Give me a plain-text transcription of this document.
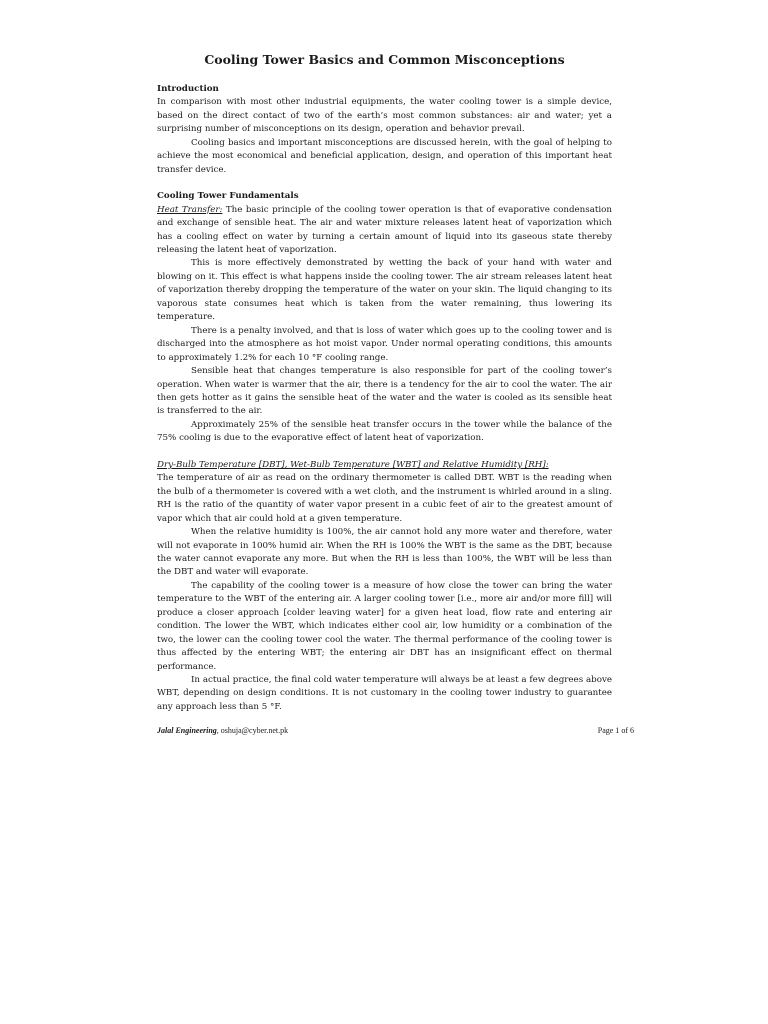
Cooling Tower Basics and Common Misconceptions

Introduction

In comparison with most other industrial equipments, the water cooling tower is a simple device, based on the direct contact of two of the earth’s most common substances: air and water; yet a surprising number of misconceptions on its design, operation and behavior prevail.

Cooling basics and important misconceptions are discussed herein, with the goal of helping to achieve the most economical and beneficial application, design, and operation of this important heat transfer device.

Cooling Tower Fundamentals

Heat Transfer: The basic principle of the cooling tower operation is that of evaporative condensation and exchange of sensible heat. The air and water mixture releases latent heat of vaporization which has a cooling effect on water by turning a certain amount of liquid into its gaseous state thereby releasing the latent heat of vaporization.

This is more effectively demonstrated by wetting the back of your hand with water and blowing on it. This effect is what happens inside the cooling tower. The air stream releases latent heat of vaporization thereby dropping the temperature of the water on your skin. The liquid changing to its vaporous state consumes heat which is taken from the water remaining, thus lowering its temperature.

There is a penalty involved, and that is loss of water which goes up to the cooling tower and is discharged into the atmosphere as hot moist vapor. Under normal operating conditions, this amounts to approximately 1.2% for each 10 °F cooling range.

Sensible heat that changes temperature is also responsible for part of the cooling tower’s operation. When water is warmer that the air, there is a tendency for the air to cool the water. The air then gets hotter as it gains the sensible heat of the water and the water is cooled as its sensible heat is transferred to the air.

Approximately 25% of the sensible heat transfer occurs in the tower while the balance of the 75% cooling is due to the evaporative effect of latent heat of vaporization.

Dry-Bulb Temperature [DBT], Wet-Bulb Temperature [WBT] and Relative Humidity [RH]:

The temperature of air as read on the ordinary thermometer is called DBT. WBT is the reading when the bulb of a thermometer is covered with a wet cloth, and the instrument is whirled around in a sling. RH is the ratio of the quantity of water vapor present in a cubic feet of air to the greatest amount of vapor which that air could hold at a given temperature.

When the relative humidity is 100%, the air cannot hold any more water and therefore, water will not evaporate in 100% humid air. When the RH is 100% the WBT is the same as the DBT, because the water cannot evaporate any more. But when the RH is less than 100%, the WBT will be less than the DBT and water will evaporate.

The capability of the cooling tower is a measure of how close the tower can bring the water temperature to the WBT of the entering air. A larger cooling tower [i.e., more air and/or more fill] will produce a closer approach [colder leaving water] for a given heat load, flow rate and entering air condition. The lower the WBT, which indicates either cool air, low humidity or a combination of the two, the lower can the cooling tower cool the water. The thermal performance of the cooling tower is thus affected by the entering WBT; the entering air DBT has an insignificant effect on thermal performance.

In actual practice, the final cold water temperature will always be at least a few degrees above WBT, depending on design conditions. It is not customary in the cooling tower industry to guarantee any approach less than 5 °F.

Jalal Engineering, oshuja@cyber.net.pk	Page 1 of 6
